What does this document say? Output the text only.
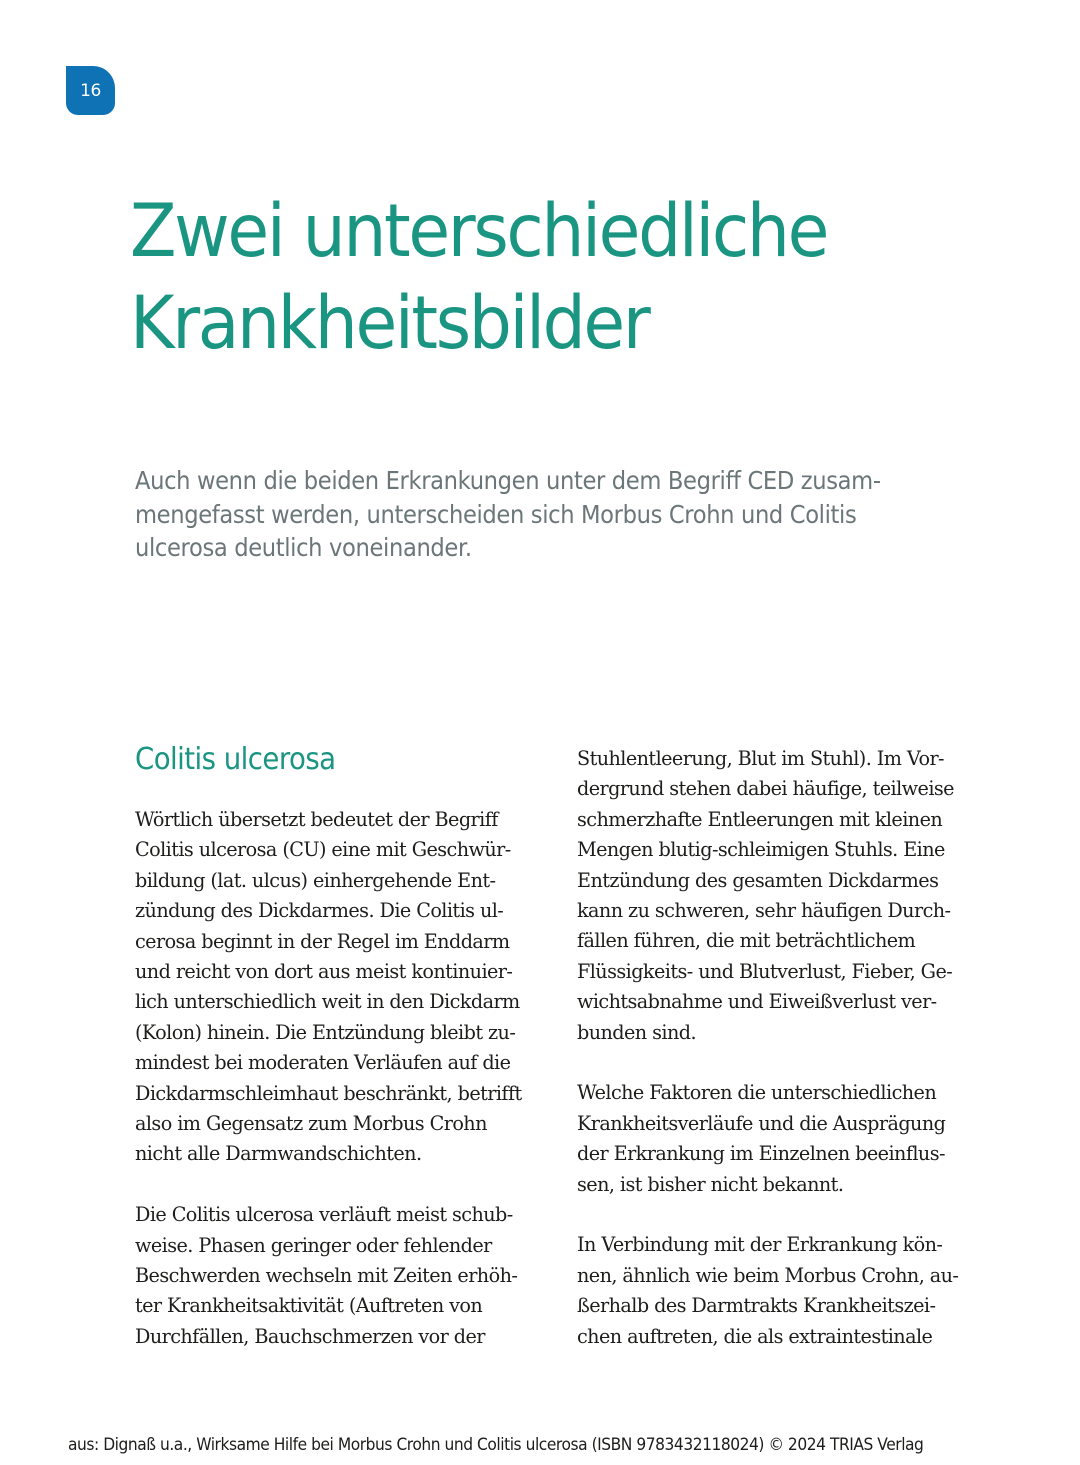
16
Zwei unterschiedliche
Krankheitsbilder

Auch wenn die beiden Erkrankungen unter dem Begriff CED zusam-
mengefasst werden, unterscheiden sich Morbus Crohn und Colitis
ulcerosa deutlich voneinander.

Colitis ulcerosa

Wörtlich übersetzt bedeutet der Begriff
Colitis ulcerosa (CU) eine mit Geschwür-
bildung (lat. ulcus) einhergehende Ent-
zündung des Dickdarmes. Die Colitis ul-
cerosa beginnt in der Regel im Enddarm
und reicht von dort aus meist kontinuier-
lich unterschiedlich weit in den Dickdarm
(Kolon) hinein. Die Entzündung bleibt zu-
mindest bei moderaten Verläufen auf die
Dickdarmschleimhaut beschränkt, betrifft
also im Gegensatz zum Morbus Crohn
nicht alle Darmwandschichten.

Die Colitis ulcerosa verläuft meist schub-
weise. Phasen geringer oder fehlender
Beschwerden wechseln mit Zeiten erhöh-
ter Krankheitsaktivität (Auftreten von
Durchfällen, Bauchschmerzen vor der

Stuhlentleerung, Blut im Stuhl). Im Vor-
dergrund stehen dabei häufige, teilweise
schmerzhafte Entleerungen mit kleinen
Mengen blutig-schleimigen Stuhls. Eine
Entzündung des gesamten Dickdarmes
kann zu schweren, sehr häufigen Durch-
fällen führen, die mit beträchtlichem
Flüssigkeits- und Blutverlust, Fieber, Ge-
wichtsabnahme und Eiweißverlust ver-
bunden sind.

Welche Faktoren die unterschiedlichen
Krankheitsverläufe und die Ausprägung
der Erkrankung im Einzelnen beeinflus-
sen, ist bisher nicht bekannt.

In Verbindung mit der Erkrankung kön-
nen, ähnlich wie beim Morbus Crohn, au-
ßerhalb des Darmtrakts Krankheitszei-
chen auftreten, die als extraintestinale

aus: Dignaß u.a., Wirksame Hilfe bei Morbus Crohn und Colitis ulcerosa (ISBN 9783432118024) © 2024 TRIAS Verlag
